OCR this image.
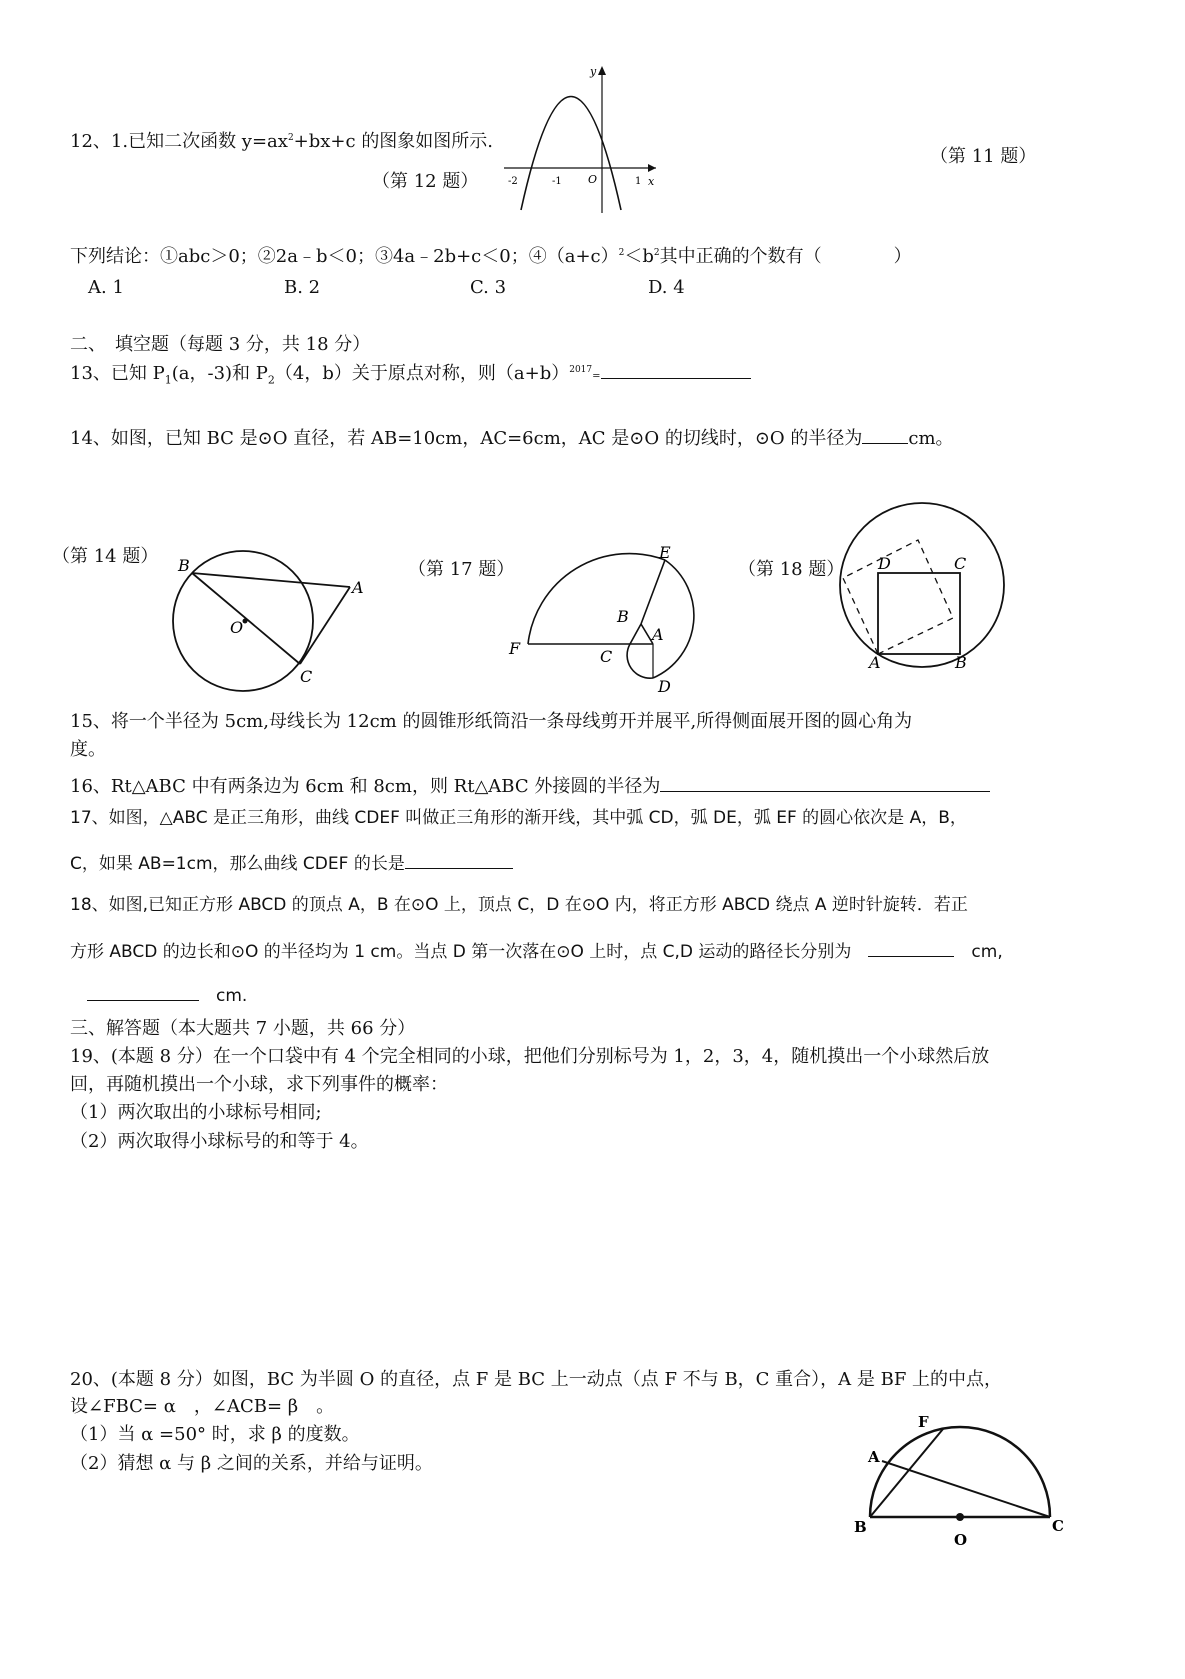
12、1.已知二次函数 $y=ax^2+bx+c$ 的图象如图所示.
（第 12 题）
（第 11 题）
y
x
O
-2	-1	1
下列结论：①abc＞0；②2a﹣b＜0；③4a﹣2b+c＜0；$④(a+c)^2<b^2$其中正确的个数有（　　　　）
A. 1	B. 2	C. 3	D. 4
二、　填空题（每题 3 分，共 18 分）
13、已知 $P_1(a$，-3)和 $P_2(4$，b）关于原点对称，则$(a+b)^{2017}=$
14、如图，已知 BC 是⊙O 直径，若 AB=10cm，AC=6cm，AC 是⊙O 的切线时，⊙O 的半径为	cm。
（第 14 题） B
A
O
C
（第 17 题）
E
B
A
C
F
D
（第 18 题） D	C
A	B
15、将一个半径为 5cm,母线长为 12cm 的圆锥形纸筒沿一条母线剪开并展平,所得侧面展开图的圆心角为
度。
16、Rt△ABC 中有两条边为 6cm 和 8cm，则 Rt△ABC 外接圆的半径为
17、如图，△ABC 是正三角形，曲线 CDEF 叫做正三角形的渐开线，其中弧 CD，弧 DE，弧 EF 的圆心依次是 A，B，
C，如果 AB=1cm，那么曲线 CDEF 的长是
18、如图,已知正方形 ABCD 的顶点 A，B 在⊙O 上，顶点 C，D 在⊙O 内，将正方形 ABCD 绕点 A 逆时针旋转．若正
方形 ABCD 的边长和⊙O 的半径均为 1 cm。当点 D 第一次落在⊙O 上时，点 C,D 运动的路径长分别为　　	cm,
　　cm.
三、解答题（本大题共 7 小题，共 66 分）
19、(本题 8 分）在一个口袋中有 4 个完全相同的小球，把他们分别标号为 1，2，3，4，随机摸出一个小球然后放
回，再随机摸出一个小球，求下列事件的概率：
（1）两次取出的小球标号相同;
（2）两次取得小球标号的和等于 4。
20、(本题 8 分）如图，BC 为半圆 O 的直径，点 F 是 BC 上一动点（点 F 不与 B，C 重合），A 是 BF 上的中点，
设∠FBC= α　，∠ACB= β　。
（1）当 α =50° 时，求 β 的度数。
（2）猜想 α 与 β 之间的关系，并给与证明。
F
A
B	C
O
